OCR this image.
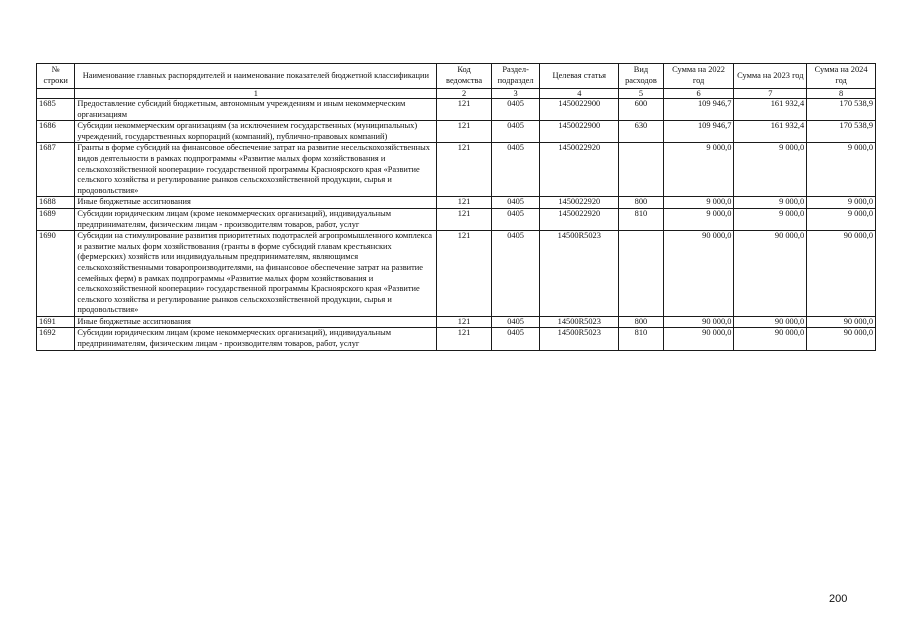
№ строки	Наименование главных распорядителей и наименование показателей бюджетной классификации	Код ведомства	Раздел-подраздел	Целевая статья	Вид расходов	Сумма на 2022 год	Сумма на 2023 год	Сумма на 2024 год
	1	2	3	4	5	6	7	8
1685	Предоставление субсидий бюджетным, автономным учреждениям и иным некоммерческим организациям	121	0405	1450022900	600	109 946,7	161 932,4	170 538,9
1686	Субсидии некоммерческим организациям (за исключением государственных (муниципальных) учреждений, государственных корпораций (компаний), публично-правовых компаний)	121	0405	1450022900	630	109 946,7	161 932,4	170 538,9
1687	Гранты в форме субсидий на финансовое обеспечение затрат на развитие несельскохозяйственных видов деятельности в рамках подпрограммы «Развитие малых форм хозяйствования и сельскохозяйственной кооперации» государственной программы Красноярского края «Развитие сельского хозяйства и регулирование рынков сельскохозяйственной продукции, сырья и продовольствия»	121	0405	1450022920		9 000,0	9 000,0	9 000,0
1688	Иные бюджетные ассигнования	121	0405	1450022920	800	9 000,0	9 000,0	9 000,0
1689	Субсидии юридическим лицам (кроме некоммерческих организаций), индивидуальным предпринимателям, физическим лицам - производителям товаров, работ, услуг	121	0405	1450022920	810	9 000,0	9 000,0	9 000,0
1690	Субсидии на стимулирование развития приоритетных подотраслей агропромышленного комплекса и развитие малых форм хозяйствования (гранты в форме субсидий главам крестьянских (фермерских) хозяйств или индивидуальным предпринимателям, являющимся сельскохозяйственными товаропроизводителями, на финансовое обеспечение затрат на развитие семейных ферм) в рамках подпрограммы «Развитие малых форм хозяйствования и сельскохозяйственной кооперации» государственной программы Красноярского края «Развитие сельского хозяйства и регулирование рынков сельскохозяйственной продукции, сырья и продовольствия»	121	0405	14500R5023		90 000,0	90 000,0	90 000,0
1691	Иные бюджетные ассигнования	121	0405	14500R5023	800	90 000,0	90 000,0	90 000,0
1692	Субсидии юридическим лицам (кроме некоммерческих организаций), индивидуальным предпринимателям, физическим лицам - производителям товаров, работ, услуг	121	0405	14500R5023	810	90 000,0	90 000,0	90 000,0
200
